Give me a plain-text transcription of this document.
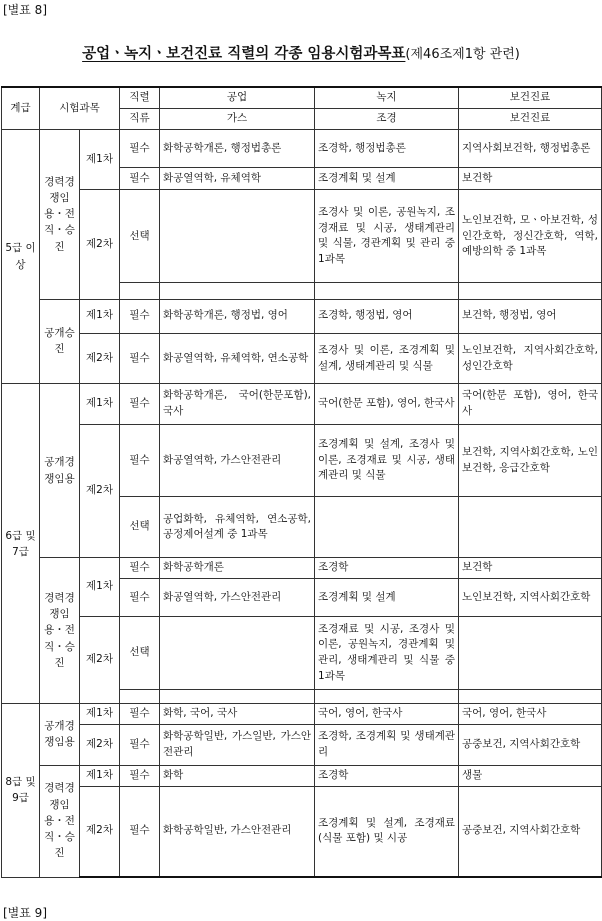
[별표 8]
공업ㆍ녹지ㆍ보건진료 직렬의 각종 임용시험과목표(제46조제1항 관련)
계급	시험과목		직렬	공업	녹지	보건진료
			직류	가스	조경	보건진료
5급 이상	경력경쟁임용・전직・승진	제1차	필수	화학공학개론, 행정법총론	조경학, 행정법총론	지역사회보건학, 행정법총론
			필수	화공열역학, 유체역학	조경계획 및 설계	보건학
		제2차	선택		조경사 및 이론, 공원녹지, 조경재료 및 시공, 생태계관리 및 식물, 경관계획 및 관리 중 1과목	노인보건학, 모ㆍ아보건학, 성인간호학, 정신간호학, 역학, 예방의학 중 1과목

	공개승진	제1차	필수	화학공학개론, 행정법, 영어	조경학, 행정법, 영어	보건학, 행정법, 영어
		제2차	필수	화공열역학, 유체역학, 연소공학	조경사 및 이론, 조경계획 및 설계, 생태계관리 및 식물	노인보건학, 지역사회간호학, 성인간호학
6급 및 7급	공개경쟁임용	제1차	필수	화학공학개론, 국어(한문포함), 국사	국어(한문 포함), 영어, 한국사	국어(한문 포함), 영어, 한국사
		제2차	필수	화공열역학, 가스안전관리	조경계획 및 설계, 조경사 및 이론, 조경재료 및 시공, 생태계관리 및 식물	보건학, 지역사회간호학, 노인보건학, 응급간호학
			선택	공업화학, 유체역학, 연소공학, 공정제어설계 중 1과목		
	경력경쟁임용・전직・승진	제1차	필수	화학공학개론	조경학	보건학
			필수	화공열역학, 가스안전관리	조경계획 및 설계	노인보건학, 지역사회간호학
		제2차	선택		조경재료 및 시공, 조경사 및 이론, 공원녹지, 경관계획 및 관리, 생태계관리 및 식물 중 1과목	

8급 및 9급	공개경쟁임용	제1차	필수	화학, 국어, 국사	국어, 영어, 한국사	국어, 영어, 한국사
		제2차	필수	화학공학일반, 가스일반, 가스안전관리	조경학, 조경계획 및 생태계관리	공중보건, 지역사회간호학
	경력경쟁임용・전직・승진	제1차	필수	화학	조경학	생물
		제2차	필수	화학공학일반, 가스안전관리	조경계획 및 설계, 조경재료(식물 포함) 및 시공	공중보건, 지역사회간호학
[별표 9]
